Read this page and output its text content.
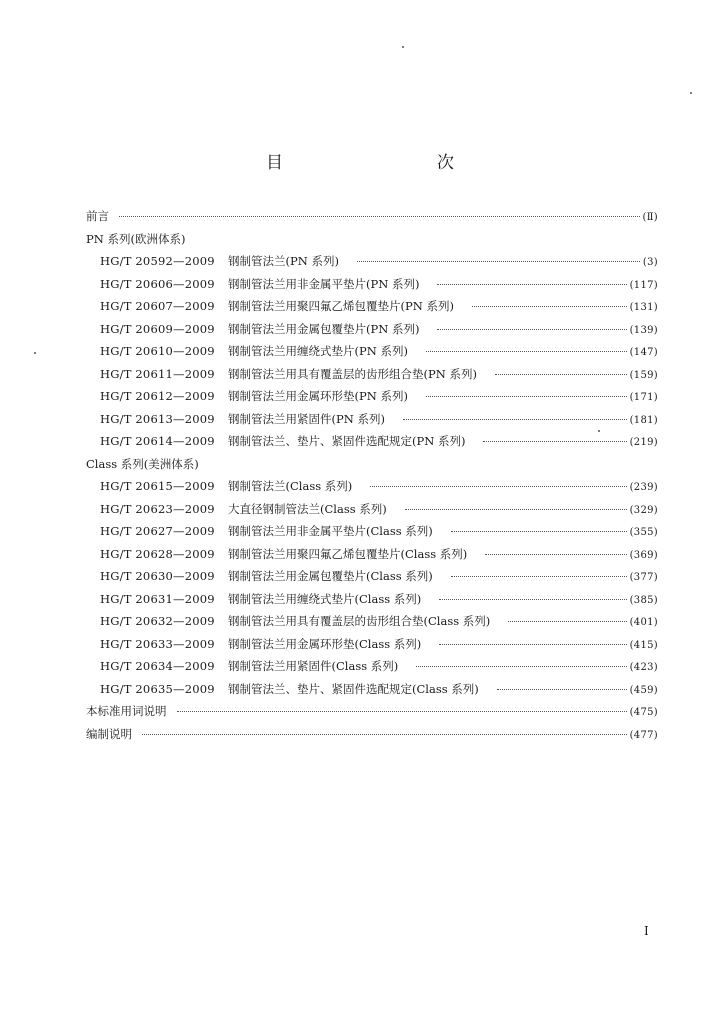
目　　次
前言	(Ⅱ)
PN 系列(欧洲体系)
HG/T 20592—2009	钢制管法兰(PN 系列)	(3)
HG/T 20606—2009	钢制管法兰用非金属平垫片(PN 系列)	(117)
HG/T 20607—2009	钢制管法兰用聚四氟乙烯包覆垫片(PN 系列)	(131)
HG/T 20609—2009	钢制管法兰用金属包覆垫片(PN 系列)	(139)
HG/T 20610—2009	钢制管法兰用缠绕式垫片(PN 系列)	(147)
HG/T 20611—2009	钢制管法兰用具有覆盖层的齿形组合垫(PN 系列)	(159)
HG/T 20612—2009	钢制管法兰用金属环形垫(PN 系列)	(171)
HG/T 20613—2009	钢制管法兰用紧固件(PN 系列)	(181)
HG/T 20614—2009	钢制管法兰、垫片、紧固件选配规定(PN 系列)	(219)
Class 系列(美洲体系)
HG/T 20615—2009	钢制管法兰(Class 系列)	(239)
HG/T 20623—2009	大直径钢制管法兰(Class 系列)	(329)
HG/T 20627—2009	钢制管法兰用非金属平垫片(Class 系列)	(355)
HG/T 20628—2009	钢制管法兰用聚四氟乙烯包覆垫片(Class 系列)	(369)
HG/T 20630—2009	钢制管法兰用金属包覆垫片(Class 系列)	(377)
HG/T 20631—2009	钢制管法兰用缠绕式垫片(Class 系列)	(385)
HG/T 20632—2009	钢制管法兰用具有覆盖层的齿形组合垫(Class 系列)	(401)
HG/T 20633—2009	钢制管法兰用金属环形垫(Class 系列)	(415)
HG/T 20634—2009	钢制管法兰用紧固件(Class 系列)	(423)
HG/T 20635—2009	钢制管法兰、垫片、紧固件选配规定(Class 系列)	(459)
本标准用词说明	(475)
编制说明	(477)
Ⅰ
